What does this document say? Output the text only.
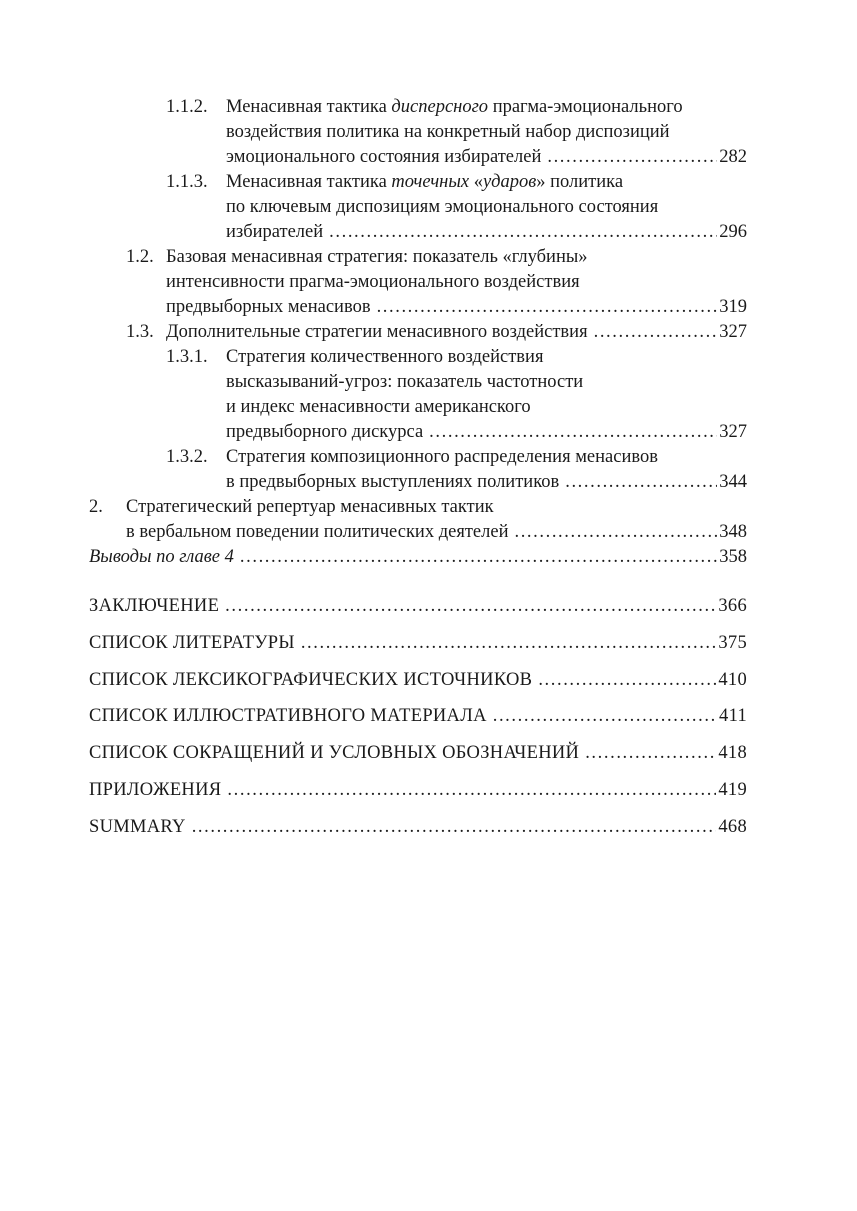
1.1.2. Менасивная тактика дисперсного прагма-эмоционального
воздействия политика на конкретный набор диспозиций
эмоционального состояния избирателей .....	282
1.1.3. Менасивная тактика точечных «ударов» политика
по ключевым диспозициям эмоционального состояния
избирателей .....	296
1.2. Базовая менасивная стратегия: показатель «глубины»
интенсивности прагма-эмоционального воздействия
предвыборных менасивов .....	319
1.3. Дополнительные стратегии менасивного воздействия .....	327
1.3.1. Стратегия количественного воздействия
высказываний-угроз: показатель частотности
и индекс менасивности американского
предвыборного дискурса .....	327
1.3.2. Стратегия композиционного распределения менасивов
в предвыборных выступлениях политиков .....	344
2. Стратегический репертуар менасивных тактик
в вербальном поведении политических деятелей .....	348
Выводы по главе 4 .....	358
ЗАКЛЮЧЕНИЕ .....	366
СПИСОК ЛИТЕРАТУРЫ .....	375
СПИСОК ЛЕКСИКОГРАФИЧЕСКИХ ИСТОЧНИКОВ .....	410
СПИСОК ИЛЛЮСТРАТИВНОГО МАТЕРИАЛА .....	411
СПИСОК СОКРАЩЕНИЙ И УСЛОВНЫХ ОБОЗНАЧЕНИЙ .....	418
ПРИЛОЖЕНИЯ .....	419
SUMMARY .....	468
